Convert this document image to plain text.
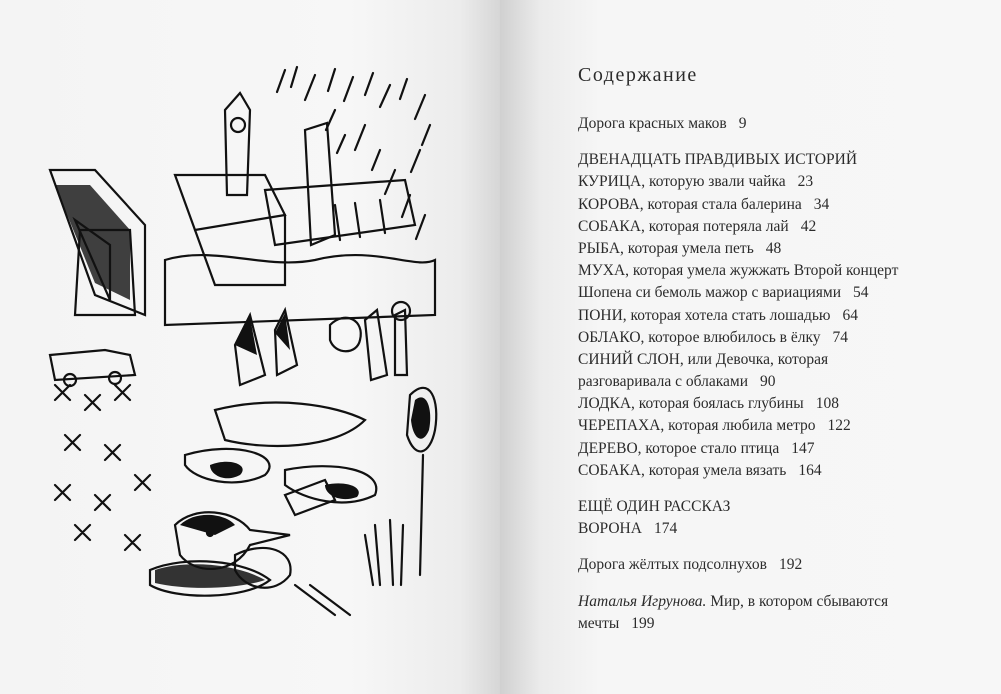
Содержание
Дорога красных маков 9
ДВЕНАДЦАТЬ ПРАВДИВЫХ ИСТОРИЙ
КУРИЦА, которую звали чайка 23
КОРОВА, которая стала балерина 34
СОБАКА, которая потеряла лай 42
РЫБА, которая умела петь 48
МУХА, которая умела жужжать Второй концерт
Шопена си бемоль мажор с вариациями 54
ПОНИ, которая хотела стать лошадью 64
ОБЛАКО, которое влюбилось в ёлку 74
СИНИЙ СЛОН, или Девочка, которая
разговаривала с облаками 90
ЛОДКА, которая боялась глубины 108
ЧЕРЕПАХА, которая любила метро 122
ДЕРЕВО, которое стало птица 147
СОБАКА, которая умела вязать 164
ЕЩЁ ОДИН РАССКАЗ
ВОРОНА 174
Дорога жёлтых подсолнухов 192
Наталья Игрунова. Мир, в котором сбываются
мечты 199
